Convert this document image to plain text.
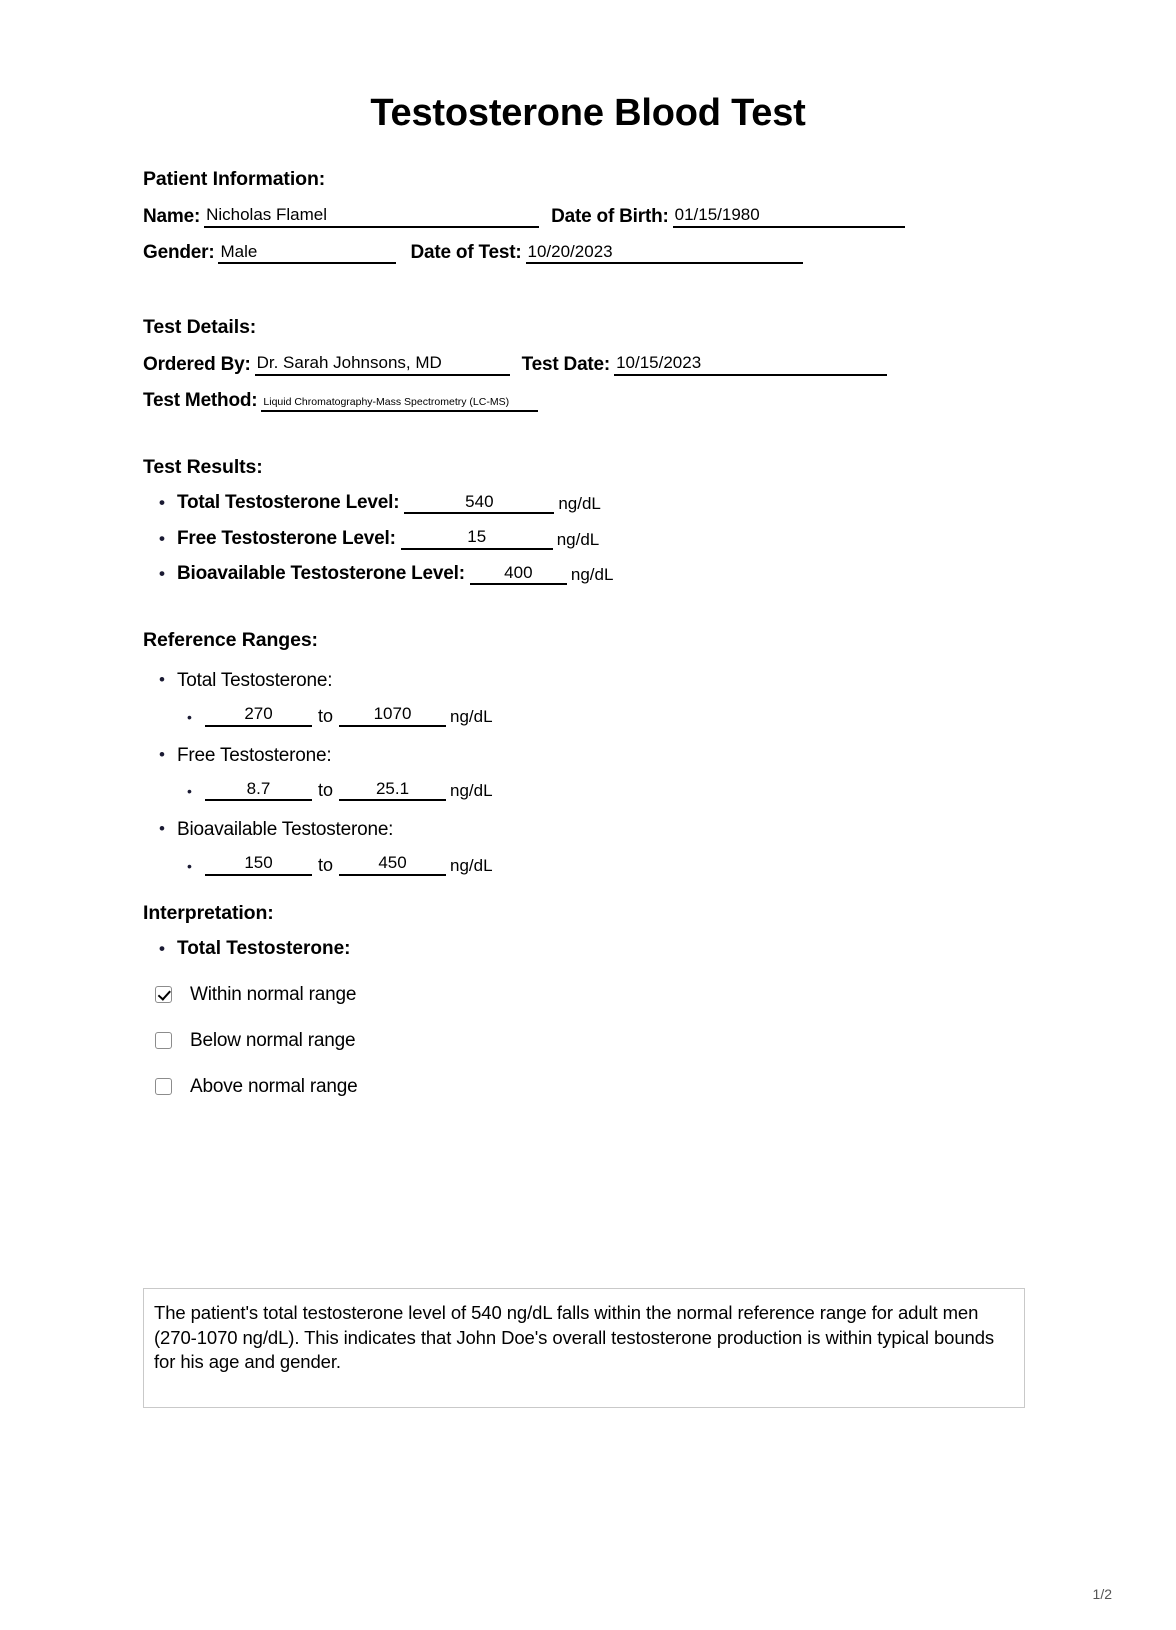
Testosterone Blood Test
Patient Information:
Name: Nicholas Flamel	Date of Birth: 01/15/1980
Gender: Male	Date of Test: 10/20/2023
Test Details:
Ordered By: Dr. Sarah Johnsons, MD	Test Date: 10/15/2023
Test Method: Liquid Chromatography-Mass Spectrometry (LC-MS)
Test Results:
• Total Testosterone Level:	540	ng/dL
• Free Testosterone Level:	15	ng/dL
• Bioavailable Testosterone Level:	400	ng/dL
Reference Ranges:
• Total Testosterone:
• 270	to	1070	ng/dL
• Free Testosterone:
• 8.7	to	25.1	ng/dL
• Bioavailable Testosterone:
• 150	to	450	ng/dL
Interpretation:
• Total Testosterone:
Within normal range
Below normal range
Above normal range
The patient's total testosterone level of 540 ng/dL falls within the normal reference range for adult men (270-1070 ng/dL). This indicates that John Doe's overall testosterone production is within typical bounds for his age and gender.
1/2
